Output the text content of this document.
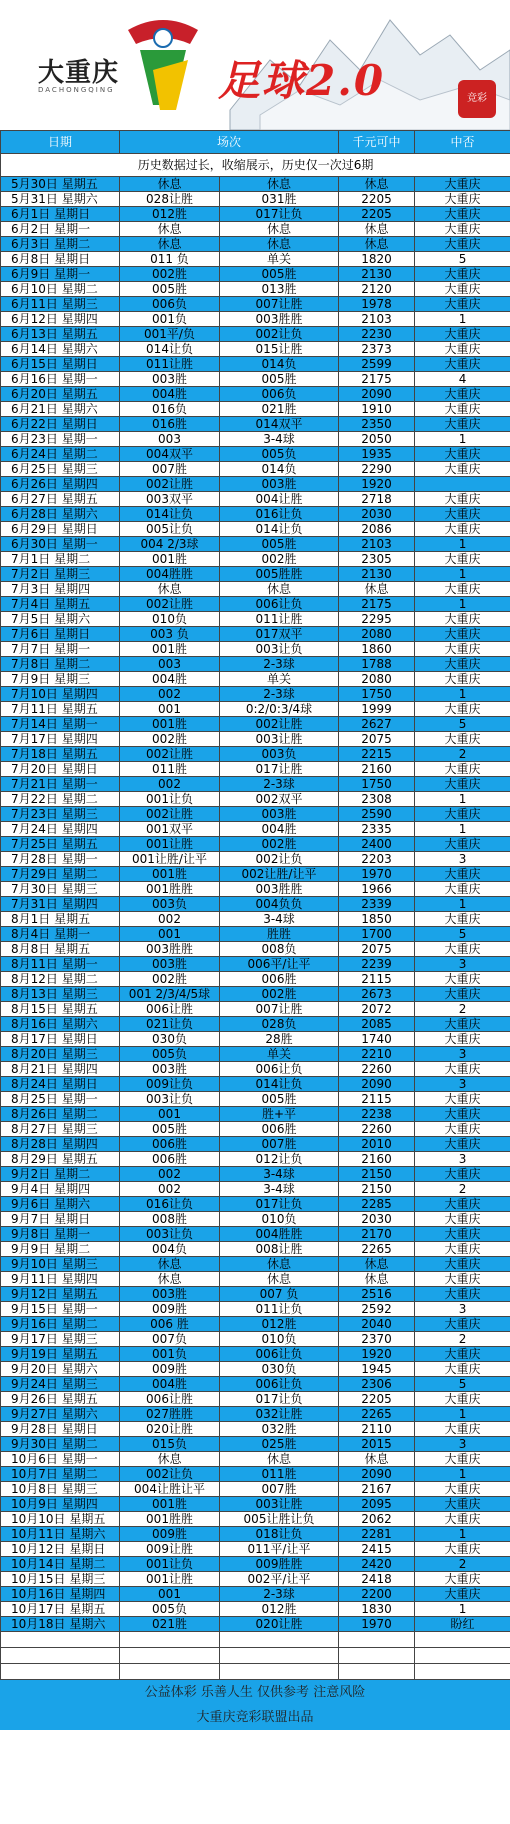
大重庆
DACHONGQING 足球2.0	竞彩
日期	场次		千元可中	中否
历史数据过长，收缩展示，历史仅一次过6期				
5月30日 星期五	休息	休息	休息	大重庆
5月31日 星期六	028让胜	031胜	2205	大重庆
6月1日 星期日	012胜	017让负	2205	大重庆
6月2日 星期一	休息	休息	休息	大重庆
6月3日 星期二	休息	休息	休息	大重庆
6月8日 星期日	011 负	单关	1820	5
6月9日 星期一	002胜	005胜	2130	大重庆
6月10日 星期二	005胜	013胜	2120	大重庆
6月11日 星期三	006负	007让胜	1978	大重庆
6月12日 星期四	001负	003胜胜	2103	1
6月13日 星期五	001平/负	002让负	2230	大重庆
6月14日 星期六	014让负	015让胜	2373	大重庆
6月15日 星期日	011让胜	014负	2599	大重庆
6月16日 星期一	003胜	005胜	2175	4
6月20日 星期五	004胜	006负	2090	大重庆
6月21日 星期六	016负	021胜	1910	大重庆
6月22日 星期日	016胜	014双平	2350	大重庆
6月23日 星期一	003	3-4球	2050	1
6月24日 星期二	004双平	005负	1935	大重庆
6月25日 星期三	007胜	014负	2290	大重庆
6月26日 星期四	002让胜	003胜	1920	
6月27日 星期五	003双平	004让胜	2718	大重庆
6月28日 星期六	014让负	016让负	2030	大重庆
6月29日 星期日	005让负	014让负	2086	大重庆
6月30日 星期一	004 2/3球	005胜	2103	1
7月1日 星期二	001胜	002胜	2305	大重庆
7月2日 星期三	004胜胜	005胜胜	2130	1
7月3日 星期四	休息	休息	休息	大重庆
7月4日 星期五	002让胜	006让负	2175	1
7月5日 星期六	010负	011让胜	2295	大重庆
7月6日 星期日	003 负	017双平	2080	大重庆
7月7日 星期一	001胜	003让负	1860	大重庆
7月8日 星期二	003	2-3球	1788	大重庆
7月9日 星期三	004胜	单关	2080	大重庆
7月10日 星期四	002	2-3球	1750	1
7月11日 星期五	001	0:2/0:3/4球	1999	大重庆
7月14日 星期一	001胜	002让胜	2627	5
7月17日 星期四	002胜	003让胜	2075	大重庆
7月18日 星期五	002让胜	003负	2215	2
7月20日 星期日	011胜	017让胜	2160	大重庆
7月21日 星期一	002	2-3球	1750	大重庆
7月22日 星期二	001让负	002双平	2308	1
7月23日 星期三	002让胜	003胜	2590	大重庆
7月24日 星期四	001双平	004胜	2335	1
7月25日 星期五	001让胜	002胜	2400	大重庆
7月28日 星期一	001让胜/让平	002让负	2203	3
7月29日 星期二	001胜	002让胜/让平	1970	大重庆
7月30日 星期三	001胜胜	003胜胜	1966	大重庆
7月31日 星期四	003负	004负负	2339	1
8月1日 星期五	002	3-4球	1850	大重庆
8月4日 星期一	001	胜胜	1700	5
8月8日 星期五	003胜胜	008负	2075	大重庆
8月11日 星期一	003胜	006平/让平	2239	3
8月12日 星期二	002胜	006胜	2115	大重庆
8月13日 星期三	001 2/3/4/5球	002胜	2673	大重庆
8月15日 星期五	006让胜	007让胜	2072	2
8月16日 星期六	021让负	028负	2085	大重庆
8月17日 星期日	030负	28胜	1740	大重庆
8月20日 星期三	005负	单关	2210	3
8月21日 星期四	003胜	006让负	2260	大重庆
8月24日 星期日	009让负	014让负	2090	3
8月25日 星期一	003让负	005胜	2115	大重庆
8月26日 星期二	001	胜+平	2238	大重庆
8月27日 星期三	005胜	006胜	2260	大重庆
8月28日 星期四	006胜	007胜	2010	大重庆
8月29日 星期五	006胜	012让负	2160	3
9月2日 星期二	002	3-4球	2150	大重庆
9月4日 星期四	002	3-4球	2150	2
9月6日 星期六	016让负	017让负	2285	大重庆
9月7日 星期日	008胜	010负	2030	大重庆
9月8日 星期一	003让负	004胜胜	2170	大重庆
9月9日 星期二	004负	008让胜	2265	大重庆
9月10日 星期三	休息	休息	休息	大重庆
9月11日 星期四	休息	休息	休息	大重庆
9月12日 星期五	003胜	007 负	2516	大重庆
9月15日 星期一	009胜	011让负	2592	3
9月16日 星期二	006 胜	012胜	2040	大重庆
9月17日 星期三	007负	010负	2370	2
9月19日 星期五	001负	006让负	1920	大重庆
9月20日 星期六	009胜	030负	1945	大重庆
9月24日 星期三	004胜	006让负	2306	5
9月26日 星期五	006让胜	017让负	2205	大重庆
9月27日 星期六	027胜胜	032让胜	2265	1
9月28日 星期日	020让胜	032胜	2110	大重庆
9月30日 星期二	015负	025胜	2015	3
10月6日 星期一	休息	休息	休息	大重庆
10月7日 星期二	002让负	011胜	2090	1
10月8日 星期三	004让胜让平	007胜	2167	大重庆
10月9日 星期四	001胜	003让胜	2095	大重庆
10月10日 星期五	001胜胜	005让胜让负	2062	大重庆
10月11日 星期六	009胜	018让负	2281	1
10月12日 星期日	009让胜	011平/让平	2415	大重庆
10月14日 星期二	001让负	009胜胜	2420	2
10月15日 星期三	001让胜	002平/让平	2418	大重庆
10月16日 星期四	001	2-3球	2200	大重庆
10月17日 星期五	005负	012胜	1830	1
10月18日 星期六	021胜	020让胜	1970	盼红

公益体彩 乐善人生 仅供参考 注意风险
大重庆竞彩联盟出品
